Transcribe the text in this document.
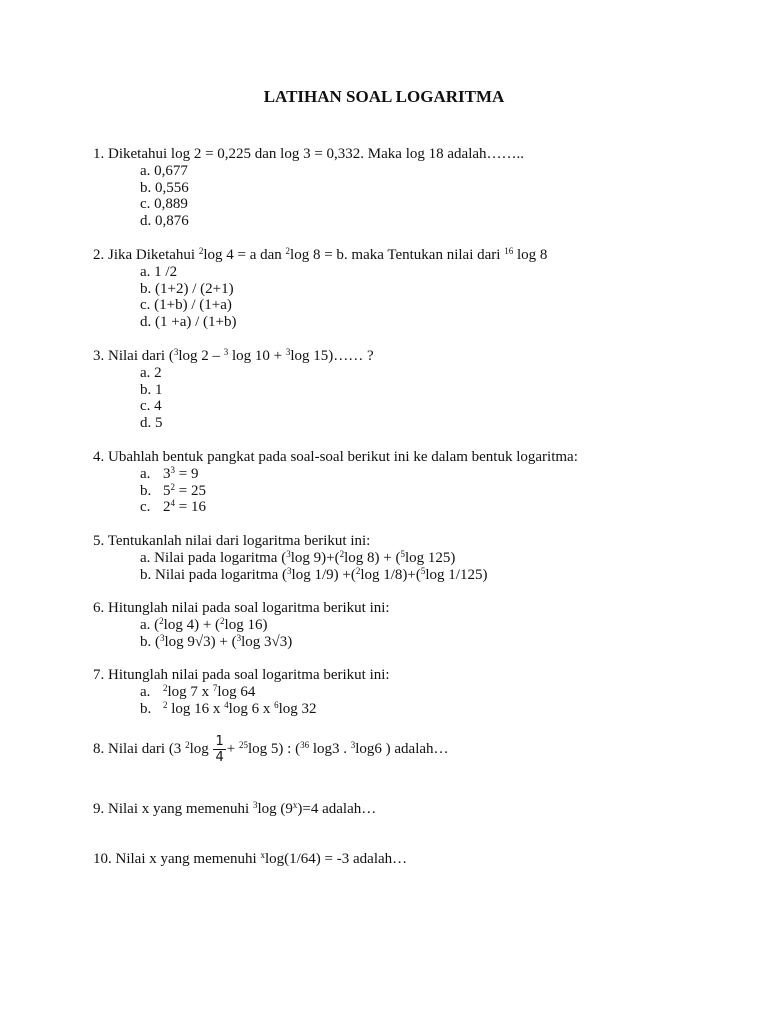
LATIHAN SOAL LOGARITMA
1. Diketahui log 2 = 0,225 dan log 3 = 0,332. Maka log 18 adalah……..
a. 0,677
b. 0,556
c. 0,889
d. 0,876
2. Jika Diketahui $^2$log 4 = a dan $^2$log 8 = b. maka Tentukan nilai dari $^{16}$ log 8
a. 1 /2
b. (1+2) / (2+1)
c. (1+b) / (1+a)
d. (1 +a) / (1+b)
3. Nilai dari ($^3$log 2 – $^3$ log 10 + $^3$log 15)…… ?
a. 2
b. 1
c. 4
d. 5
4. Ubahlah bentuk pangkat pada soal-soal berikut ini ke dalam bentuk logaritma:
a. $3^3 = 9$
b. $5^2 = 25$
c. $2^4 = 16$
5. Tentukanlah nilai dari logaritma berikut ini:
a. Nilai pada logaritma ($^3$log 9)+($^2$log 8) + ($^5$log 125)
b. Nilai pada logaritma ($^3$log 1/9) +($^2$log 1/8)+($^5$log 1/125)
6. Hitunglah nilai pada soal logaritma berikut ini:
a. ($^2$log 4) + ($^2$log 16)
b. ($^3$log 9√3) + ($^3$log 3√3)
7. Hitunglah nilai pada soal logaritma berikut ini:
a. $^2$log 7 x $^7$log 64
b. $^2$ log 16 x $^4$log 6 x $^6$log 32
8. Nilai dari (3 $^2\log \frac{1}{4} + ^{25}\log$ 5) : ($^{36}$ log3 . $^3$log6 ) adalah…
9. Nilai x yang memenuhi $^3$log $(9^x)=4$ adalah…
10. Nilai x yang memenuhi $^x$log(1/64) = -3 adalah…
